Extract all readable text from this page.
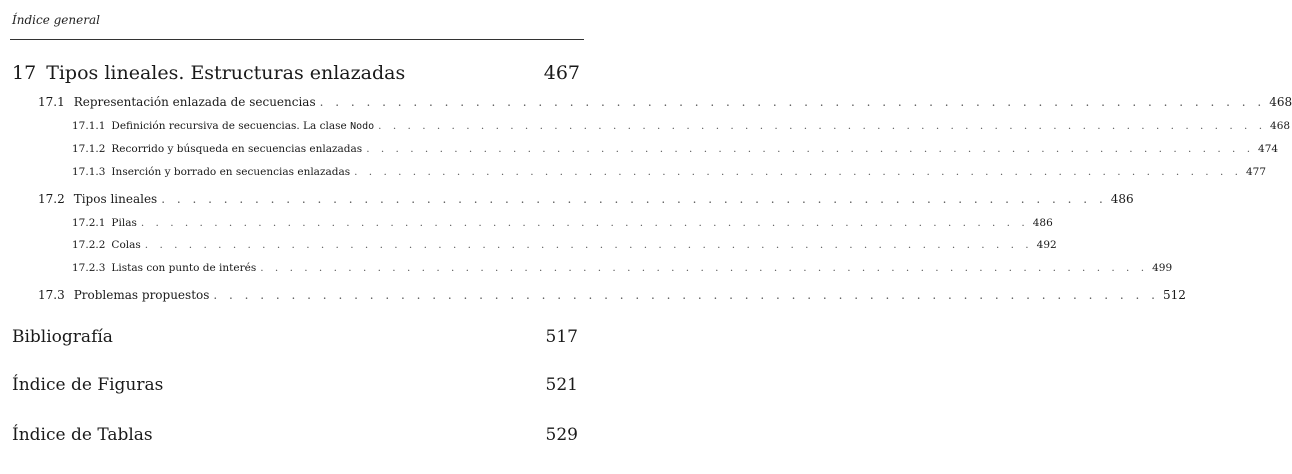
Índice general
17 Tipos lineales. Estructuras enlazadas	467
17.1 Representación enlazada de secuencias . . . . . . . . . . . . . . . . . . . . . . . . . . . . . . . . . . . . . . . . . . . . . . . . . . . . . . . . . . . . . 468
17.1.1 Definición recursiva de secuencias. La clase Nodo . . . . . . . . . . . . . . . . . . . . . . . . . . . . . . . . . . . . . . . . . . . . . . . . . . . . . . . . . . . . . 468
17.1.2 Recorrido y búsqueda en secuencias enlazadas . . . . . . . . . . . . . . . . . . . . . . . . . . . . . . . . . . . . . . . . . . . . . . . . . . . . . . . . . . . . . 474
17.1.3 Inserción y borrado en secuencias enlazadas . . . . . . . . . . . . . . . . . . . . . . . . . . . . . . . . . . . . . . . . . . . . . . . . . . . . . . . . . . . . . 477
17.2 Tipos lineales . . . . . . . . . . . . . . . . . . . . . . . . . . . . . . . . . . . . . . . . . . . . . . . . . . . . . . . . . . . . . 486
17.2.1 Pilas . . . . . . . . . . . . . . . . . . . . . . . . . . . . . . . . . . . . . . . . . . . . . . . . . . . . . . . . . . . . . 486
17.2.2 Colas . . . . . . . . . . . . . . . . . . . . . . . . . . . . . . . . . . . . . . . . . . . . . . . . . . . . . . . . . . . . . 492
17.2.3 Listas con punto de interés . . . . . . . . . . . . . . . . . . . . . . . . . . . . . . . . . . . . . . . . . . . . . . . . . . . . . . . . . . . . . 499
17.3 Problemas propuestos . . . . . . . . . . . . . . . . . . . . . . . . . . . . . . . . . . . . . . . . . . . . . . . . . . . . . . . . . . . . . 512
Bibliografía	517
Índice de Figuras	521
Índice de Tablas	529
